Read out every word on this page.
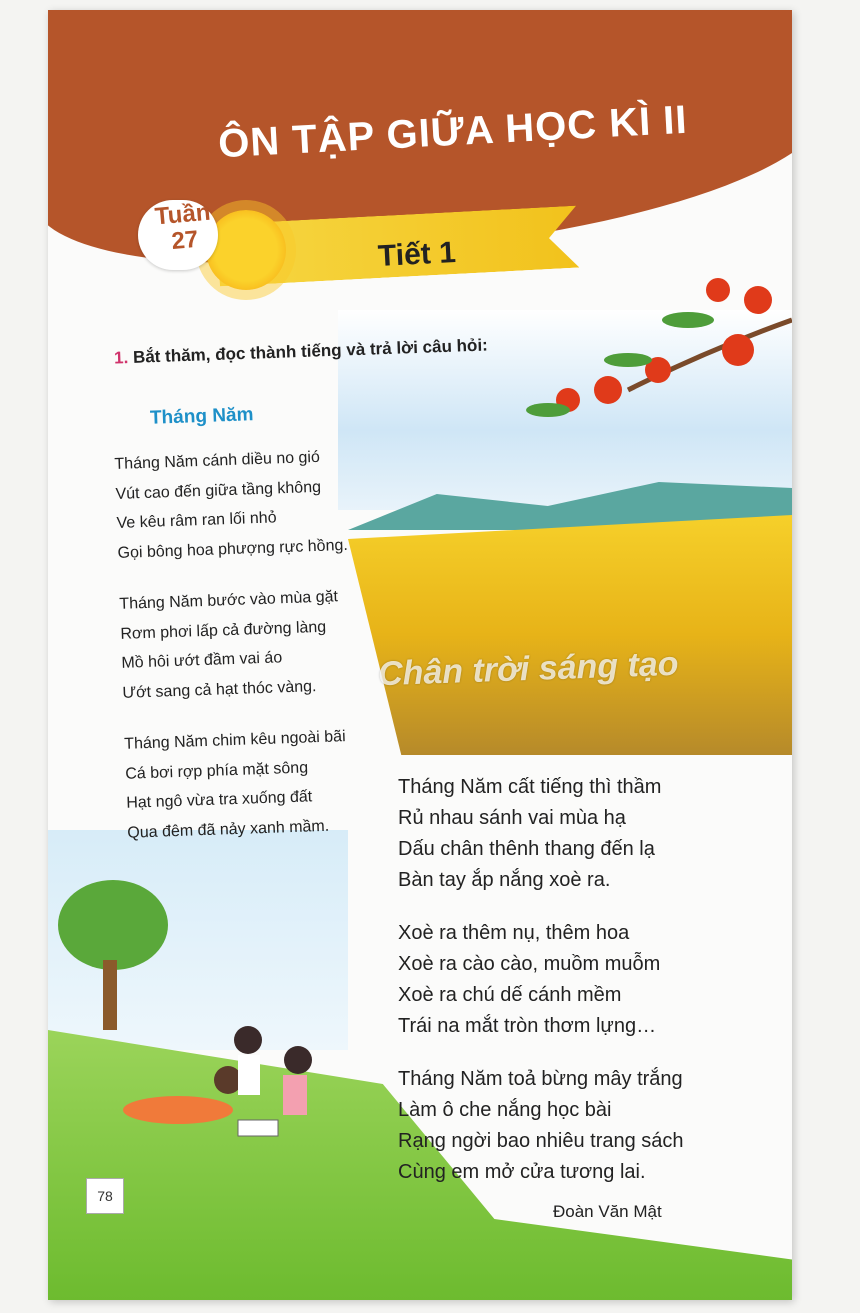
ÔN TẬP GIỮA HỌC KÌ II
Tuần
27	Tiết 1
1. Bắt thăm, đọc thành tiếng và trả lời câu hỏi:
Tháng Năm
Tháng Năm cánh diều no gió
Vút cao đến giữa tầng không
Ve kêu râm ran lối nhỏ
Gọi bông hoa phượng rực hồng.
Tháng Năm bước vào mùa gặt
Rơm phơi lấp cả đường làng
Mồ hôi ướt đầm vai áo
Ướt sang cả hạt thóc vàng.
Tháng Năm chim kêu ngoài bãi
Cá bơi rợp phía mặt sông
Hạt ngô vừa tra xuống đất
Qua đêm đã nảy xanh mầm.
Chân trời sáng tạo
Tháng Năm cất tiếng thì thầm
Rủ nhau sánh vai mùa hạ
Dấu chân thênh thang đến lạ
Bàn tay ắp nắng xoè ra.
Xoè ra thêm nụ, thêm hoa
Xoè ra cào cào, muồm muỗm
Xoè ra chú dế cánh mềm
Trái na mắt tròn thơm lựng…
Tháng Năm toả bừng mây trắng
Làm ô che nắng học bài
Rạng ngời bao nhiêu trang sách
Cùng em mở cửa tương lai.
Đoàn Văn Mật
78
